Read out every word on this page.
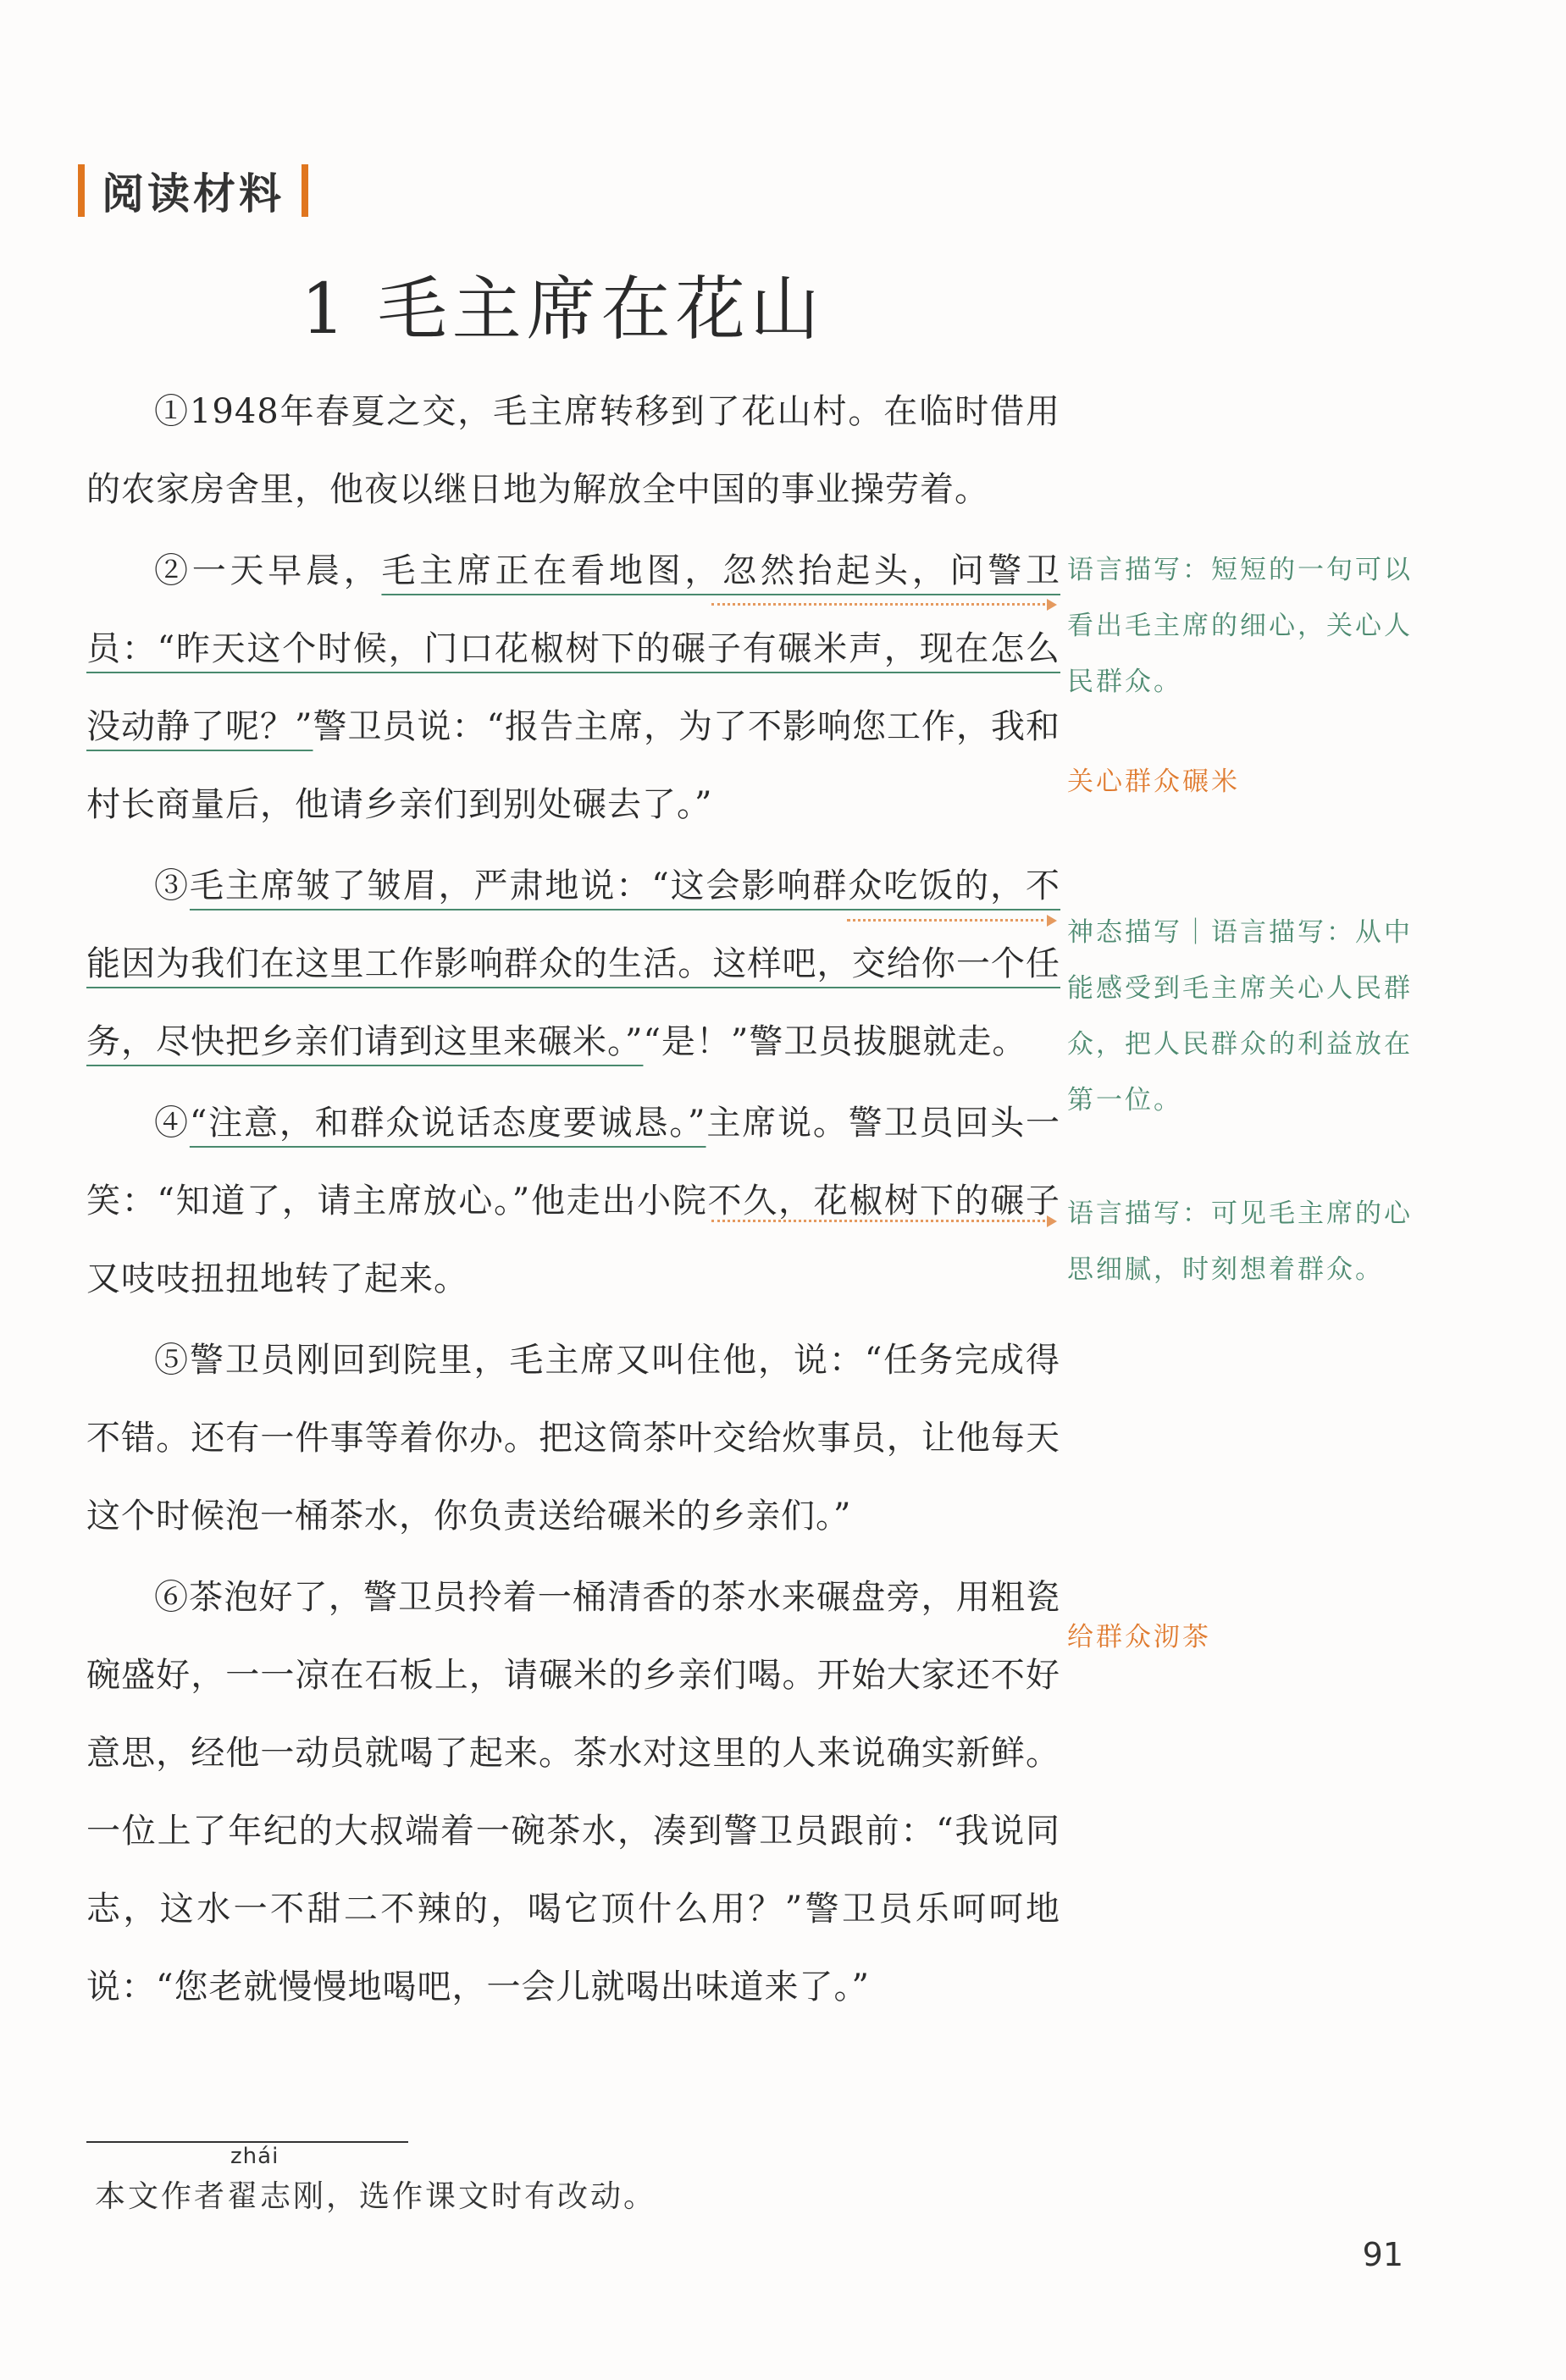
阅读材料
1 毛主席在花山

①1948年春夏之交，毛主席转移到了花山村。在临时借用的农家房舍里，他夜以继日地为解放全中国的事业操劳着。

②一天早晨，毛主席正在看地图，忽然抬起头，问警卫员：“昨天这个时候，门口花椒树下的碾子有碾米声，现在怎么没动静了呢？”警卫员说：“报告主席，为了不影响您工作，我和村长商量后，他请乡亲们到别处碾去了。”

③毛主席皱了皱眉，严肃地说：“这会影响群众吃饭的，不能因为我们在这里工作影响群众的生活。这样吧，交给你一个任务，尽快把乡亲们请到这里来碾米。”“是！”警卫员拔腿就走。

④“注意，和群众说话态度要诚恳。”主席说。警卫员回头一笑：“知道了，请主席放心。”他走出小院不久，花椒树下的碾子又吱吱扭扭地转了起来。

⑤警卫员刚回到院里，毛主席又叫住他，说：“任务完成得不错。还有一件事等着你办。把这筒茶叶交给炊事员，让他每天这个时候泡一桶茶水，你负责送给碾米的乡亲们。”

⑥茶泡好了，警卫员拎着一桶清香的茶水来碾盘旁，用粗瓷碗盛好，一一凉在石板上，请碾米的乡亲们喝。开始大家还不好意思，经他一动员就喝了起来。茶水对这里的人来说确实新鲜。一位上了年纪的大叔端着一碗茶水，凑到警卫员跟前：“我说同志，这水一不甜二不辣的，喝它顶什么用？”警卫员乐呵呵地说：“您老就慢慢地喝吧，一会儿就喝出味道来了。”

语言描写：短短的一句可以看出毛主席的细心，关心人民群众。
关心群众碾米
神态描写｜语言描写：从中能感受到毛主席关心人民群众，把人民群众的利益放在第一位。
语言描写：可见毛主席的心思细腻，时刻想着群众。
给群众沏茶
本文作者
zhái
翟志刚，选作课文时有改动。
91
